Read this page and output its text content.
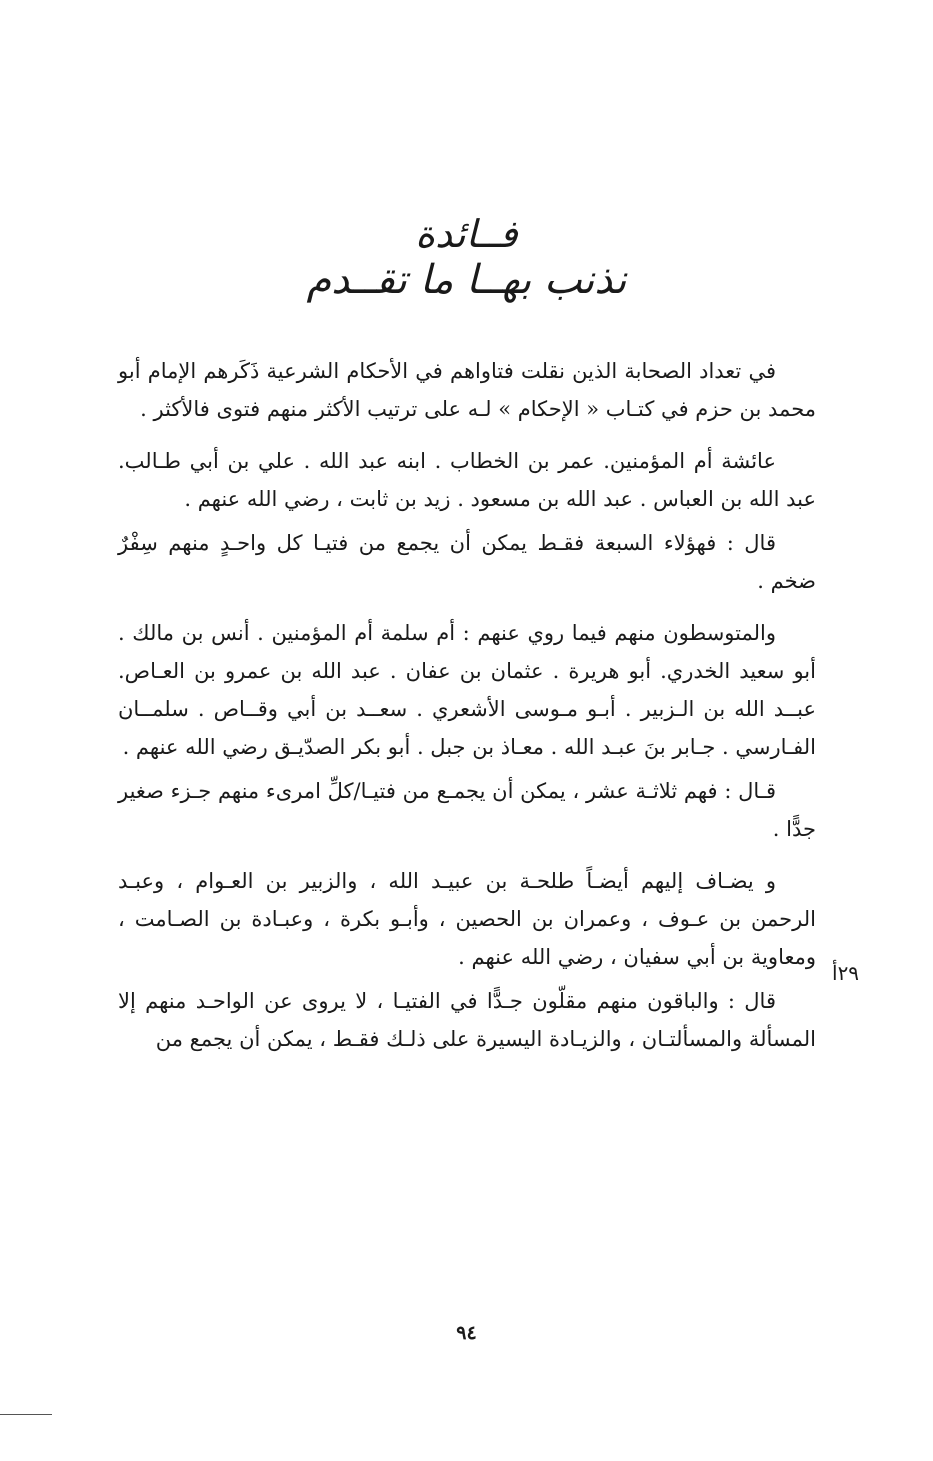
فــائدة
نذنب بهــا ما تقــدم

في تعداد الصحابة الذين نقلت فتاواهم في الأحكام الشرعية ذَكَرهم الإمام أبو محمد بن حزم في كتـاب « الإحكام » لـه على ترتيب الأكثر منهم فتوى فالأكثر .

عائشة أم المؤمنين. عمر بن الخطاب . ابنه عبد الله . علي بن أبي طـالب. عبد الله بن العباس . عبد الله بن مسعود . زيد بن ثابت ، رضي الله عنهم .

قال : فهؤلاء السبعة فقـط يمكن أن يجمع من فتيـا كل واحـدٍ منهم سِفْرٌ ضخم .

والمتوسطون منهم فيما روي عنهم : أم سلمة أم المؤمنين . أنس بن مالك . أبو سعيد الخدري. أبو هريرة . عثمان بن عفان . عبد الله بن عمرو بن العـاص. عبــد الله بن الـزبير . أبـو مـوسى الأشعري . سعــد بن أبي وقــاص . سلمــان الفـارسي . جـابر بنَ عبـد الله . معـاذ بن جبل . أبو بكر الصدّيـق رضي الله عنهم .

قـال : فهم ثلاثـة عشر ، يمكن أن يجمـع من فتيـا/كلِّ امرىء منهم جـزء صغير جدًّا .

و يضـاف إليهم أيضـاً طلحـة بن عبيـد الله ، والزبير بن العـوام ، وعبـد الرحمن بن عـوف ، وعمران بن الحصين ، وأبـو بكرة ، وعبـادة بن الصـامت ، ومعاوية بن أبي سفيان ، رضي الله عنهم .

قال : والباقون منهم مقلّون جـدًّا في الفتيـا ، لا يروى عن الواحـد منهم إلا المسألة والمسألتـان ، والزيـادة اليسيرة على ذلـك فقـط ، يمكن أن يجمع من

٢٩أ
٩٤
